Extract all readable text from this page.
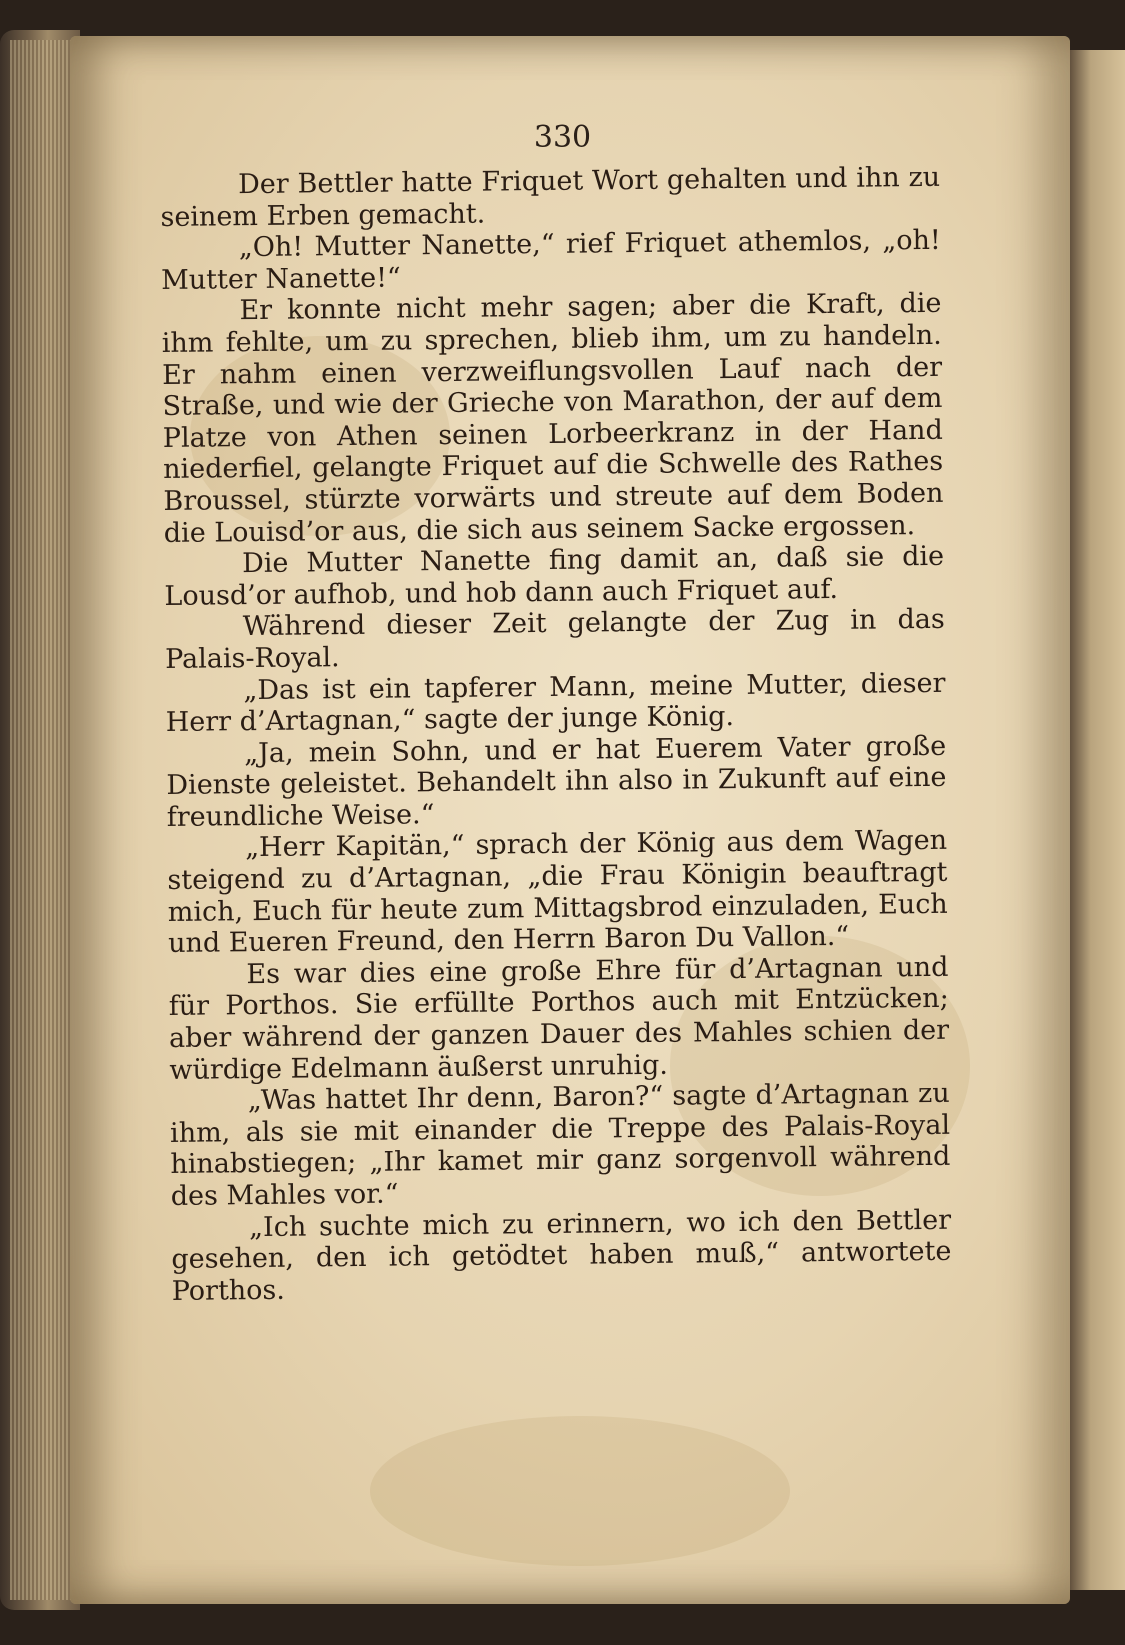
330

Der Bettler hatte Friquet Wort gehalten und ihn zu seinem Erben gemacht.

„Oh! Mutter Nanette,“ rief Friquet athemlos, „oh! Mutter Nanette!“

Er konnte nicht mehr sagen; aber die Kraft, die ihm fehlte, um zu sprechen, blieb ihm, um zu handeln. Er nahm einen verzweiflungsvollen Lauf nach der Straße, und wie der Grieche von Marathon, der auf dem Platze von Athen seinen Lorbeerkranz in der Hand niederfiel, gelangte Friquet auf die Schwelle des Rathes Broussel, stürzte vorwärts und streute auf dem Boden die Louisd’or aus, die sich aus seinem Sacke ergossen.

Die Mutter Nanette fing damit an, daß sie die Lousd’or aufhob, und hob dann auch Friquet auf.

Während dieser Zeit gelangte der Zug in das Palais-Royal.

„Das ist ein tapferer Mann, meine Mutter, dieser Herr d’Artagnan,“ sagte der junge König.

„Ja, mein Sohn, und er hat Euerem Vater große Dienste geleistet. Behandelt ihn also in Zukunft auf eine freundliche Weise.“

„Herr Kapitän,“ sprach der König aus dem Wagen steigend zu d’Artagnan, „die Frau Königin beauftragt mich, Euch für heute zum Mittagsbrod einzuladen, Euch und Eueren Freund, den Herrn Baron Du Vallon.“

Es war dies eine große Ehre für d’Artagnan und für Porthos. Sie erfüllte Porthos auch mit Entzücken; aber während der ganzen Dauer des Mahles schien der würdige Edelmann äußerst unruhig.

„Was hattet Ihr denn, Baron?“ sagte d’Artagnan zu ihm, als sie mit einander die Treppe des Palais-Royal hinabstiegen; „Ihr kamet mir ganz sorgenvoll während des Mahles vor.“

„Ich suchte mich zu erinnern, wo ich den Bettler gesehen, den ich getödtet haben muß,“ antwortete Porthos.
